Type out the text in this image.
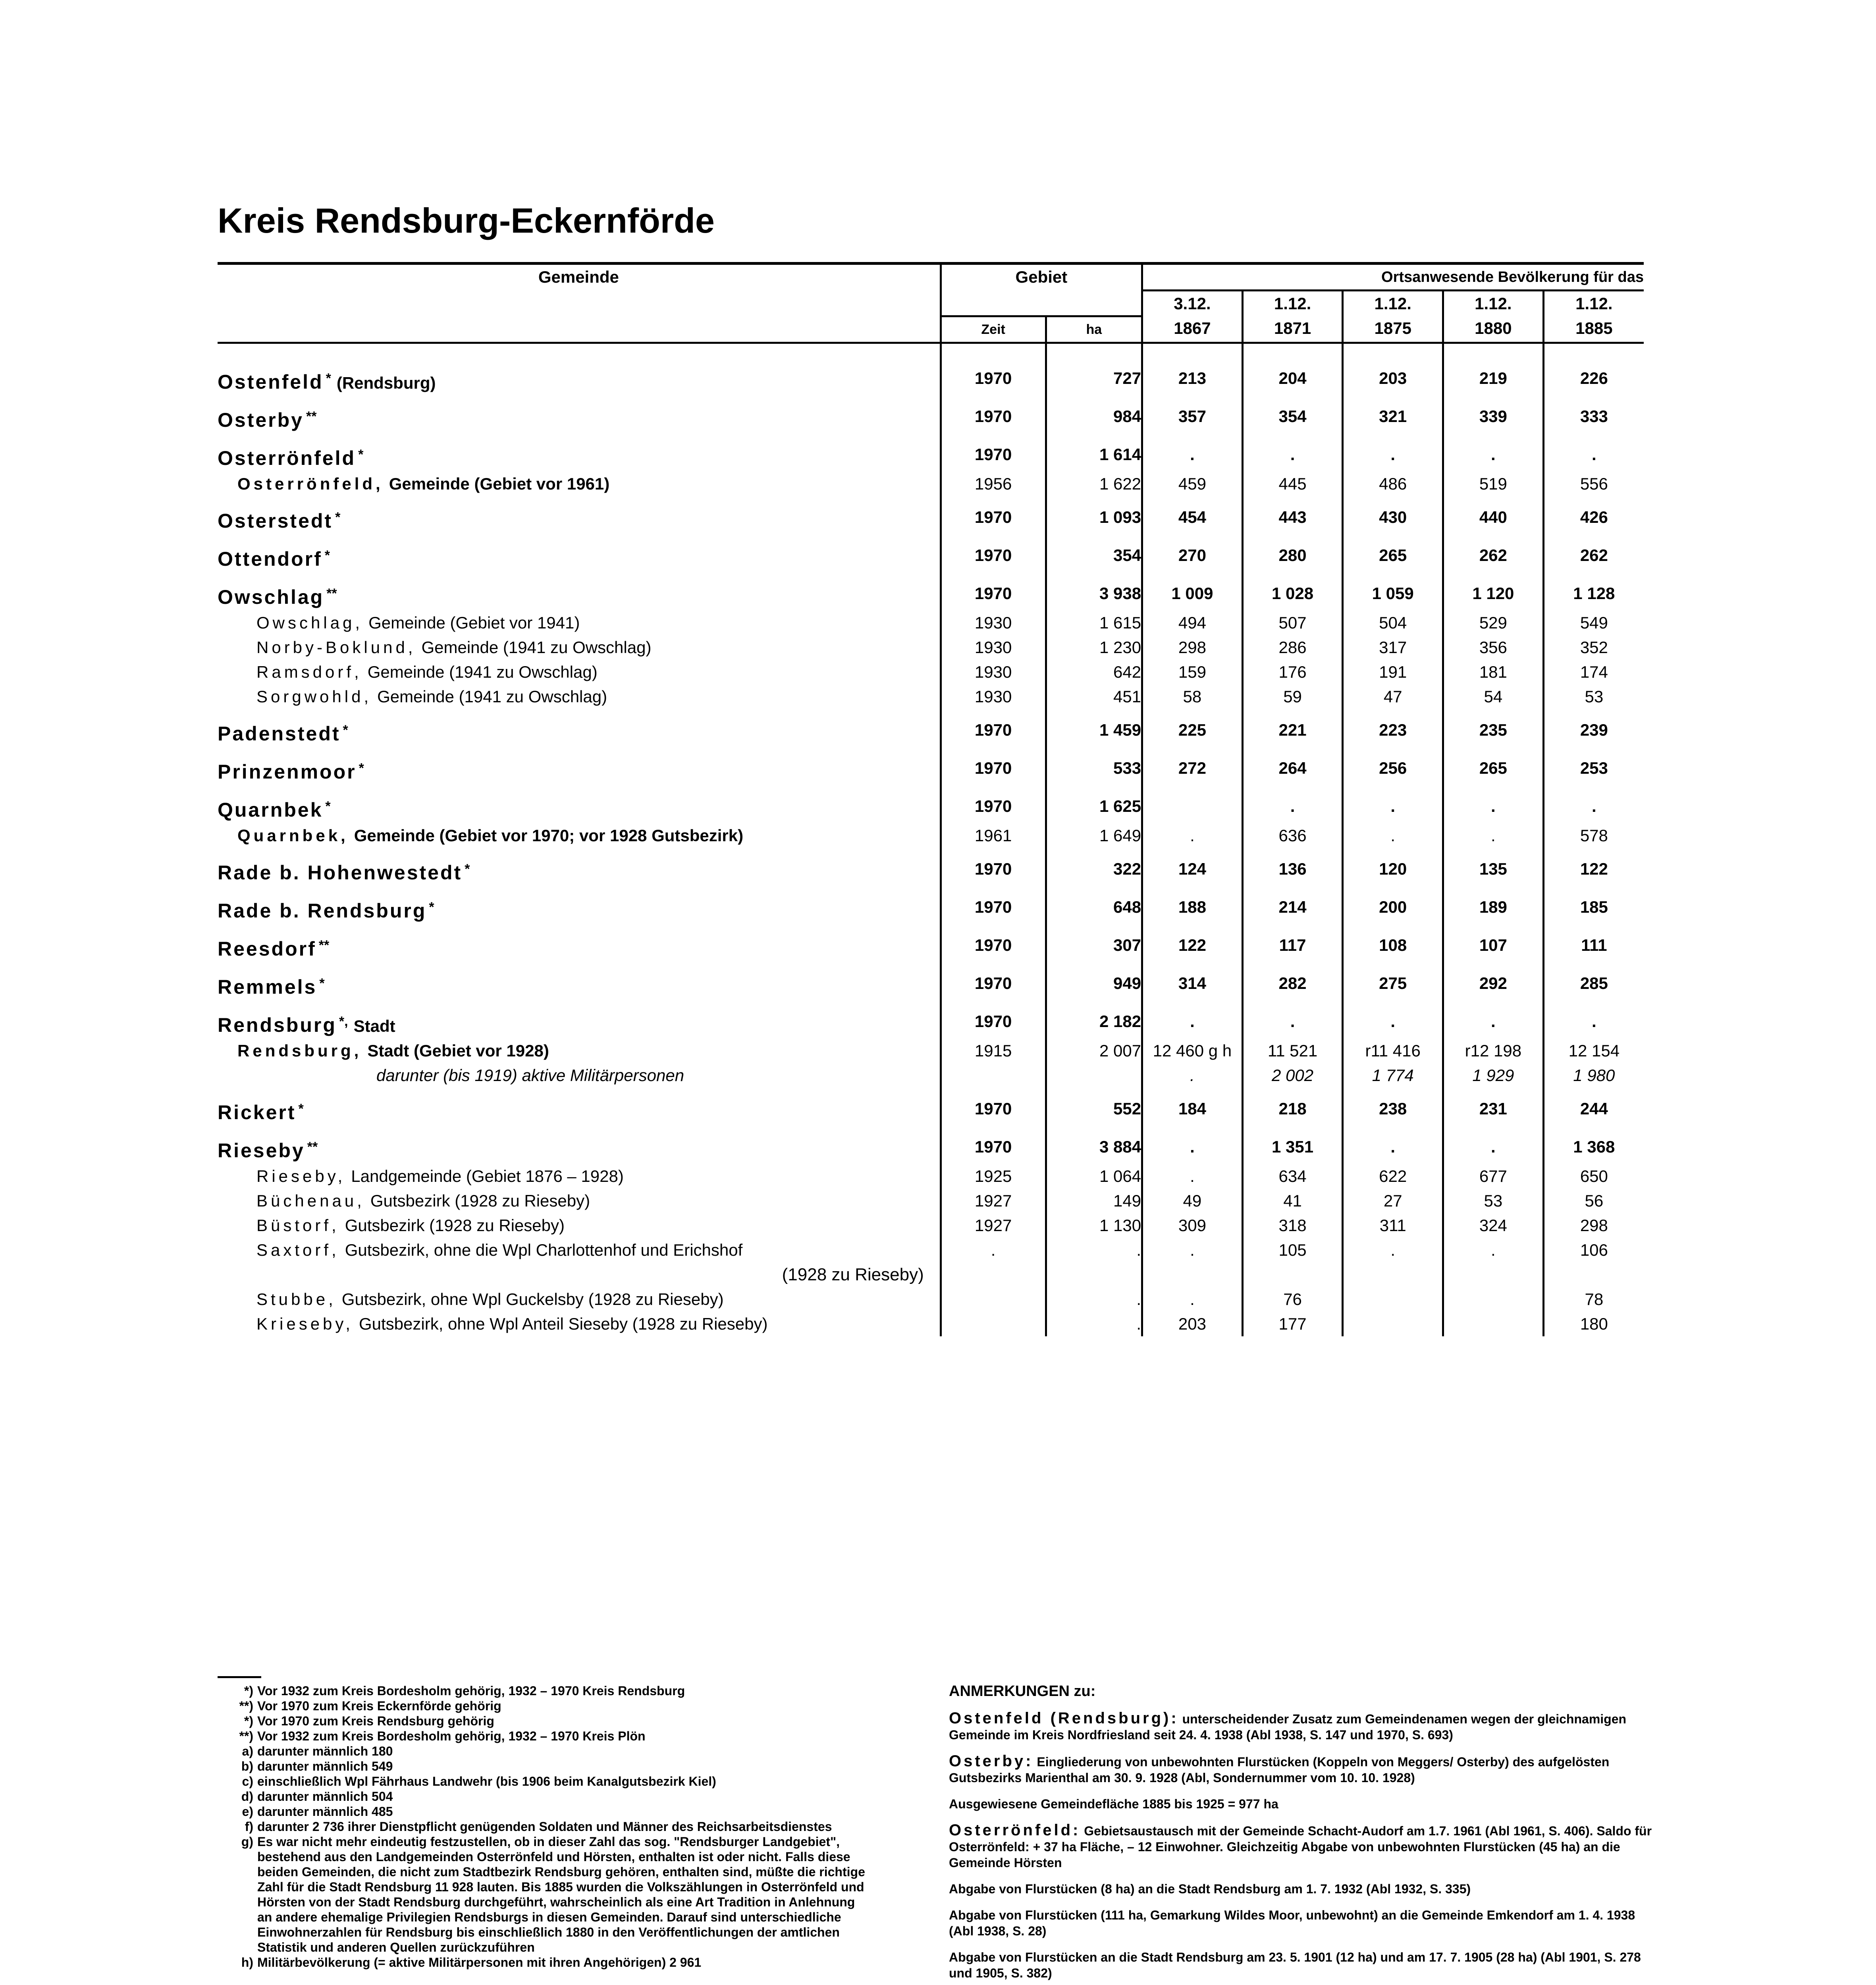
Kreis Rendsburg-Eckernförde
Gemeinde	Gebiet		Ortsanwesende Bevölkerung für das				
			3.12.	1.12.	1.12.	1.12.	1.12.
	Zeit	ha	1867	1871	1875	1880	1885

Ostenfeld * (Rendsburg)	1970	727	213	204	203	219	226

Osterby **	1970	984	357	354	321	339	333

Osterrönfeld *	1970	1 614	.	.	.	.	.
Osterrönfeld, Gemeinde (Gebiet vor 1961)	1956	1 622	459	445	486	519	556

Osterstedt *	1970	1 093	454	443	430	440	426

Ottendorf *	1970	354	270	280	265	262	262

Owschlag **	1970	3 938	1 009	1 028	1 059	1 120	1 128
Owschlag, Gemeinde (Gebiet vor 1941)	1930	1 615	494	507	504	529	549
Norby-Boklund, Gemeinde (1941 zu Owschlag)	1930	1 230	298	286	317	356	352
Ramsdorf, Gemeinde (1941 zu Owschlag)	1930	642	159	176	191	181	174
Sorgwohld, Gemeinde (1941 zu Owschlag)	1930	451	58	59	47	54	53

Padenstedt *	1970	1 459	225	221	223	235	239

Prinzenmoor *	1970	533	272	264	256	265	253

Quarnbek *	1970	1 625		.	.	.	.
Quarnbek, Gemeinde (Gebiet vor 1970; vor 1928 Gutsbezirk)	1961	1 649	.	636	.	.	578

Rade b. Hohenwestedt *	1970	322	124	136	120	135	122

Rade b. Rendsburg *	1970	648	188	214	200	189	185

Reesdorf **	1970	307	122	117	108	107	111

Remmels *	1970	949	314	282	275	292	285

Rendsburg *, Stadt	1970	2 182	.	.	.	.	.
Rendsburg, Stadt (Gebiet vor 1928)	1915	2 007	12 460 g h	11 521	r11 416	r12 198	12 154
darunter (bis 1919) aktive Militärpersonen			.	2 002	1 774	1 929	1 980

Rickert *	1970	552	184	218	238	231	244

Rieseby **	1970	3 884	.	1 351	.	.	1 368
Rieseby, Landgemeinde (Gebiet 1876 – 1928)	1925	1 064	.	634	622	677	650
Büchenau, Gutsbezirk (1928 zu Rieseby)	1927	149	49	41	27	53	56
Büstorf, Gutsbezirk (1928 zu Rieseby)	1927	1 130	309	318	311	324	298
Saxtorf, Gutsbezirk, ohne die Wpl Charlottenhof und Erichshof	.	.	.	105	.	.	106
(1928 zu Rieseby)							
Stubbe, Gutsbezirk, ohne Wpl Guckelsby (1928 zu Rieseby)		.	.	76			78
Krieseby, Gutsbezirk, ohne Wpl Anteil Sieseby (1928 zu Rieseby)		.	203	177			180
*) Vor 1932 zum Kreis Bordesholm gehörig, 1932 – 1970 Kreis Rendsburg
**) Vor 1970 zum Kreis Eckernförde gehörig
*) Vor 1970 zum Kreis Rendsburg gehörig
**) Vor 1932 zum Kreis Bordesholm gehörig, 1932 – 1970 Kreis Plön
a) darunter männlich 180
b) darunter männlich 549
c) einschließlich Wpl Fährhaus Landwehr (bis 1906 beim Kanalgutsbezirk Kiel)
d) darunter männlich 504
e) darunter männlich 485
f) darunter 2 736 ihrer Dienstpflicht genügenden Soldaten und Männer des Reichsarbeitsdienstes
g) Es war nicht mehr eindeutig festzustellen, ob in dieser Zahl das sog. "Rendsburger Landgebiet", bestehend aus den Landgemeinden Osterrönfeld und Hörsten, enthalten ist oder nicht. Falls diese beiden Gemeinden, die nicht zum Stadtbezirk Rendsburg gehören, enthalten sind, müßte die richtige Zahl für die Stadt Rendsburg 11 928 lauten. Bis 1885 wurden die Volkszählungen in Osterrönfeld und Hörsten von der Stadt Rendsburg durchgeführt, wahrscheinlich als eine Art Tradition in Anlehnung an andere ehemalige Privilegien Rendsburgs in diesen Gemeinden. Darauf sind unterschiedliche Einwohnerzahlen für Rendsburg bis einschließlich 1880 in den Veröffentlichungen der amtlichen Statistik und anderen Quellen zurückzuführen
h) Militärbevölkerung (= aktive Militärpersonen mit ihren Angehörigen) 2 961
ANMERKUNGEN zu:

Ostenfeld (Rendsburg): unterscheidender Zusatz zum Gemeindenamen wegen der gleichnamigen Gemeinde im Kreis Nordfriesland seit 24. 4. 1938 (Abl 1938, S. 147 und 1970, S. 693)

Osterby: Eingliederung von unbewohnten Flurstücken (Koppeln von Meggers/ Osterby) des aufgelösten Gutsbezirks Marienthal am 30. 9. 1928 (Abl, Sondernummer vom 10. 10. 1928)

Ausgewiesene Gemeindefläche 1885 bis 1925 = 977 ha

Osterrönfeld: Gebietsaustausch mit der Gemeinde Schacht-Audorf am 1.7. 1961 (Abl 1961, S. 406). Saldo für Osterrönfeld: + 37 ha Fläche, – 12 Einwohner. Gleichzeitig Abgabe von unbewohnten Flurstücken (45 ha) an die Gemeinde Hörsten

Abgabe von Flurstücken (8 ha) an die Stadt Rendsburg am 1. 7. 1932 (Abl 1932, S. 335)

Abgabe von Flurstücken (111 ha, Gemarkung Wildes Moor, unbewohnt) an die Gemeinde Emkendorf am 1. 4. 1938 (Abl 1938, S. 28)

Abgabe von Flurstücken an die Stadt Rendsburg am 23. 5. 1901 (12 ha) und am 17. 7. 1905 (28 ha) (Abl 1901, S. 278 und 1905, S. 382)
